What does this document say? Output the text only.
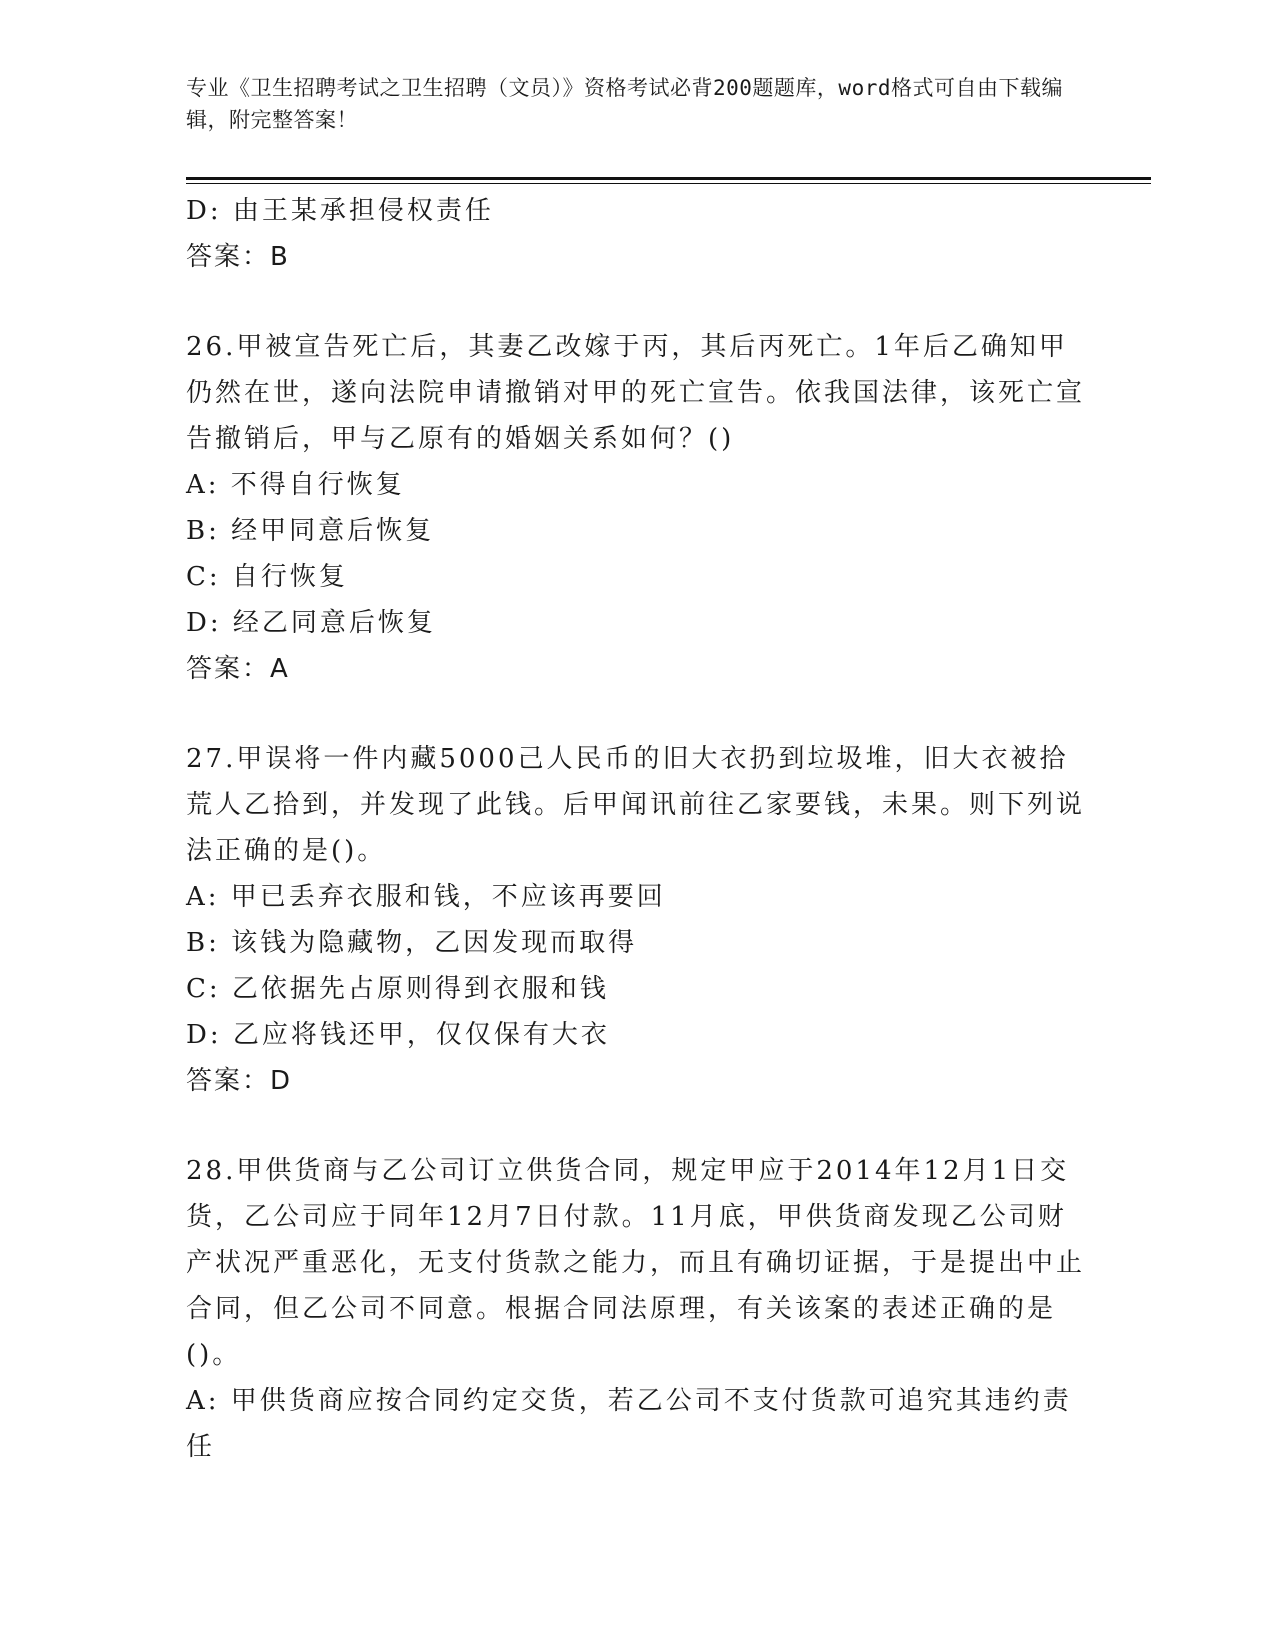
专业《卫生招聘考试之卫生招聘（文员）》资格考试必背200题题库，word格式可自由下载编辑，附完整答案！
D: 由王某承担侵权责任
答案：B
26.甲被宣告死亡后，其妻乙改嫁于丙，其后丙死亡。1年后乙确知甲仍然在世，遂向法院申请撤销对甲的死亡宣告。依我国法律，该死亡宣告撤销后，甲与乙原有的婚姻关系如何？()
A: 不得自行恢复
B: 经甲同意后恢复
C: 自行恢复
D: 经乙同意后恢复
答案：A
27.甲误将一件内藏5000己人民币的旧大衣扔到垃圾堆，旧大衣被拾荒人乙拾到，并发现了此钱。后甲闻讯前往乙家要钱，未果。则下列说法正确的是()。
A: 甲已丢弃衣服和钱，不应该再要回
B: 该钱为隐藏物，乙因发现而取得
C: 乙依据先占原则得到衣服和钱
D: 乙应将钱还甲，仅仅保有大衣
答案：D
28.甲供货商与乙公司订立供货合同，规定甲应于2014年12月1日交货，乙公司应于同年12月7日付款。11月底，甲供货商发现乙公司财产状况严重恶化，无支付货款之能力，而且有确切证据，于是提出中止合同，但乙公司不同意。根据合同法原理，有关该案的表述正确的是()。
A: 甲供货商应按合同约定交货，若乙公司不支付货款可追究其违约责任
